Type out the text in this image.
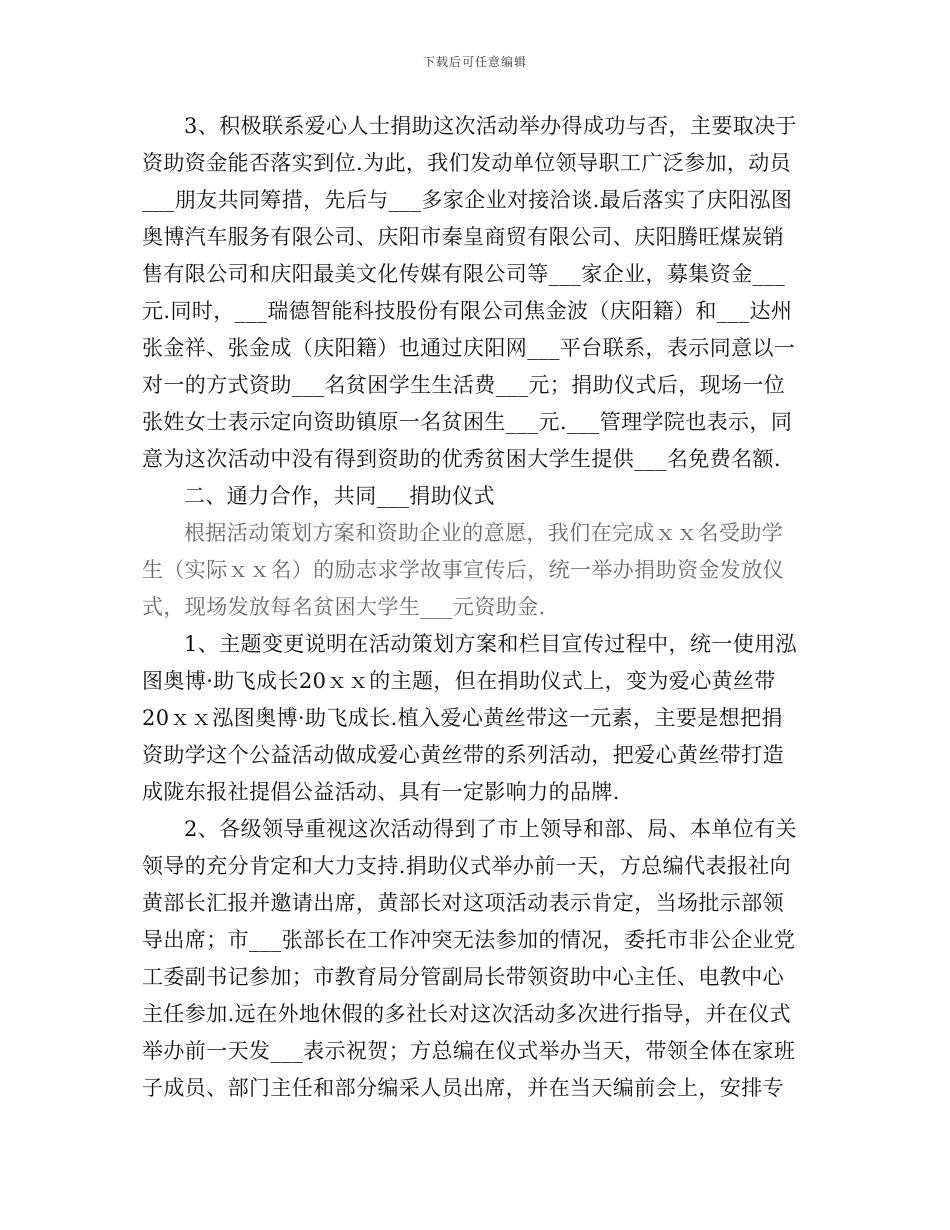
下载后可任意编辑
3、积极联系爱心人士捐助这次活动举办得成功与否，主要取决于
资助资金能否落实到位.为此，我们发动单位领导职工广泛参加，动员
___朋友共同筹措，先后与___多家企业对接洽谈.最后落实了庆阳泓图
奥博汽车服务有限公司、庆阳市秦皇商贸有限公司、庆阳腾旺煤炭销
售有限公司和庆阳最美文化传媒有限公司等___家企业，募集资金___
元.同时，___瑞德智能科技股份有限公司焦金波（庆阳籍）和___达州
张金祥、张金成（庆阳籍）也通过庆阳网___平台联系，表示同意以一
对一的方式资助___名贫困学生生活费___元；捐助仪式后，现场一位
张姓女士表示定向资助镇原一名贫困生___元.___管理学院也表示，同
意为这次活动中没有得到资助的优秀贫困大学生提供___名免费名额.
二、通力合作，共同___捐助仪式
根据活动策划方案和资助企业的意愿，我们在完成ｘｘ名受助学
生（实际ｘｘ名）的励志求学故事宣传后，统一举办捐助资金发放仪
式，现场发放每名贫困大学生___元资助金.
1、主题变更说明在活动策划方案和栏目宣传过程中，统一使用泓
图奥博·助飞成长20ｘｘ的主题，但在捐助仪式上，变为爱心黄丝带
20ｘｘ泓图奥博·助飞成长.植入爱心黄丝带这一元素，主要是想把捐
资助学这个公益活动做成爱心黄丝带的系列活动，把爱心黄丝带打造
成陇东报社提倡公益活动、具有一定影响力的品牌.
2、各级领导重视这次活动得到了市上领导和部、局、本单位有关
领导的充分肯定和大力支持.捐助仪式举办前一天，方总编代表报社向
黄部长汇报并邀请出席，黄部长对这项活动表示肯定，当场批示部领
导出席；市___张部长在工作冲突无法参加的情况，委托市非公企业党
工委副书记参加；市教育局分管副局长带领资助中心主任、电教中心
主任参加.远在外地休假的多社长对这次活动多次进行指导，并在仪式
举办前一天发___表示祝贺；方总编在仪式举办当天，带领全体在家班
子成员、部门主任和部分编采人员出席，并在当天编前会上，安排专
